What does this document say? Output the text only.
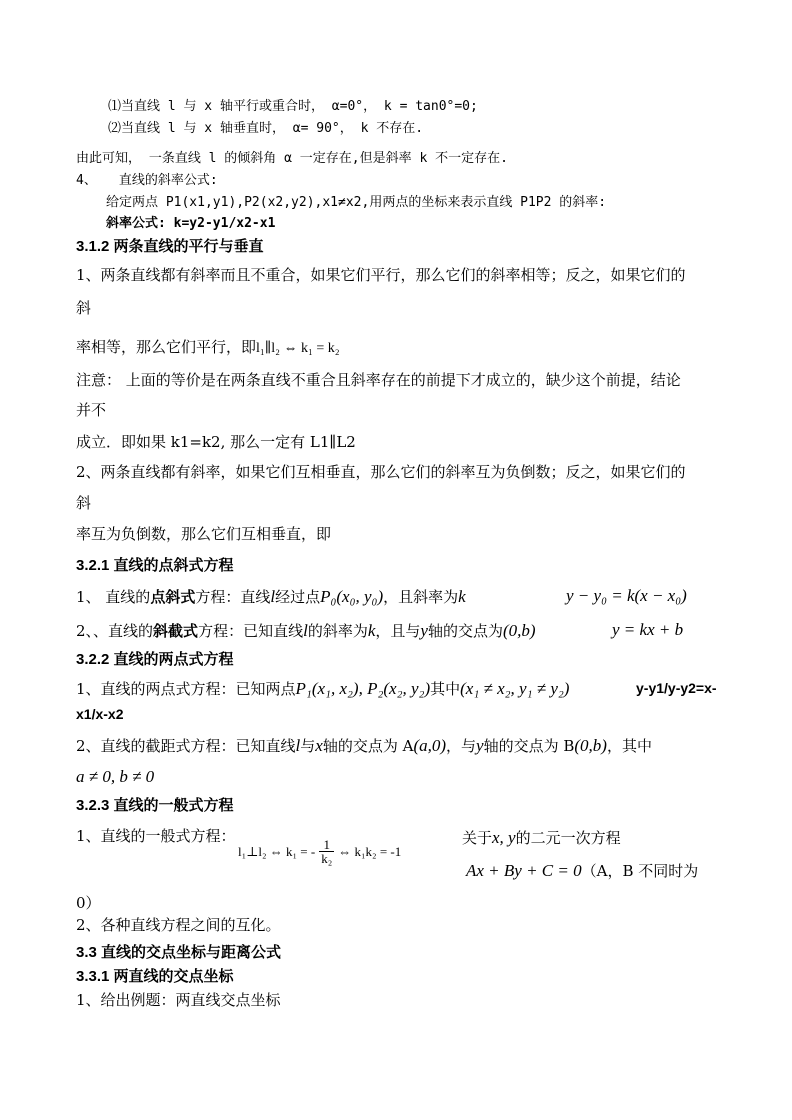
⑴当直线 l 与 x 轴平行或重合时， α=0°， k = tan0°=0;
⑵当直线 l 与 x 轴垂直时， α= 90°， k 不存在.
由此可知， 一条直线 l 的倾斜角 α 一定存在,但是斜率 k 不一定存在.
4、 直线的斜率公式:
给定两点 P1(x1,y1),P2(x2,y2),x1≠x2,用两点的坐标来表示直线 P1P2 的斜率:
斜率公式: k=y2-y1/x2-x1
3.1.2 两条直线的平行与垂直
1、两条直线都有斜率而且不重合，如果它们平行，那么它们的斜率相等；反之，如果它们的
斜
率相等，那么它们平行，即l₁∥l₂ ⇔ k₁ = k₂
注意： 上面的等价是在两条直线不重合且斜率存在的前提下才成立的，缺少这个前提，结论
并不
成立．即如果 k1=k2, 那么一定有 L1∥L2
2、两条直线都有斜率，如果它们互相垂直，那么它们的斜率互为负倒数；反之，如果它们的
斜
率互为负倒数，那么它们互相垂直，即
3.2.1 直线的点斜式方程
1、 直线的点斜式方程：直线l经过点P₀(x₀, y₀)，且斜率为k	y − y₀ = k(x − x₀)
2、、直线的斜截式方程：已知直线l的斜率为k，且与y轴的交点为(0,b)	y = kx + b
3.2.2 直线的两点式方程
1、直线的两点式方程：已知两点P₁(x₁, x₂), P₂(x₂, y₂)其中(x₁ ≠ x₂, y₁ ≠ y₂)	y-y1/y-y2=x-
x1/x-x2
2、直线的截距式方程：已知直线l与x轴的交点为 A(a,0)，与y轴的交点为 B(0,b)，其中
a ≠ 0, b ≠ 0
3.2.3 直线的一般式方程
1、直线的一般式方程：
l₁⊥l₂ ⇔ k₁ = - $\frac{1}{\text{k₂}}$ ⇔ k₁k₂ = -1
关于x, y的二元一次方程
Ax + By + C = 0（A，B 不同时为
0）
2、各种直线方程之间的互化。
3.3 直线的交点坐标与距离公式
3.3.1 两直线的交点坐标
1、给出例题：两直线交点坐标
